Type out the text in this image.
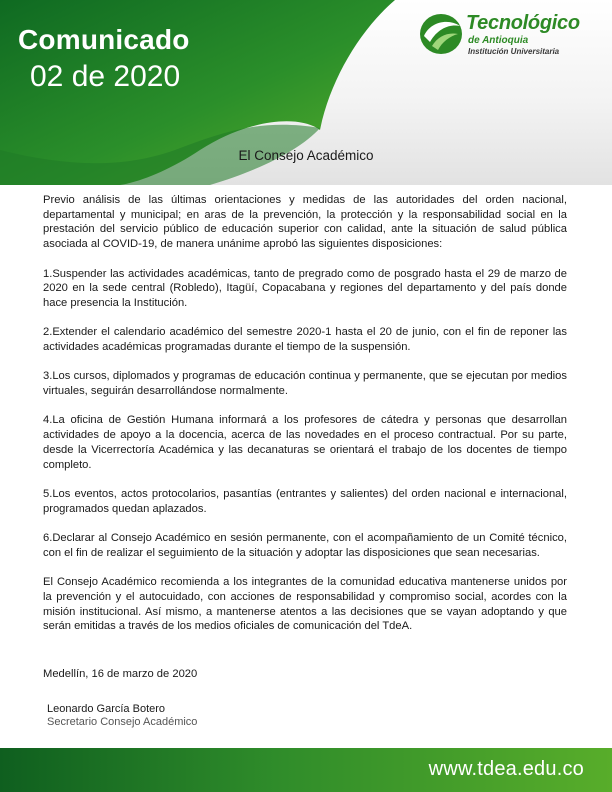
Comunicado
02 de 2020
Tecnológico
de Antioquia
Institución Universitaria
El Consejo Académico

Previo análisis de las últimas orientaciones y medidas de las autoridades del orden nacional, departamental y municipal; en aras de la prevención, la protección y la responsabilidad social en la prestación del servicio público de educación superior con calidad, ante la situación de salud pública asociada al COVID-19, de manera unánime aprobó las siguientes disposiciones:

1.Suspender las actividades académicas, tanto de pregrado como de posgrado hasta el 29 de marzo de 2020 en la sede central (Robledo), Itagüí, Copacabana y regiones del departamento y del país donde hace presencia la Institución.

2.Extender el calendario académico del semestre 2020-1 hasta el 20 de junio, con el fin de reponer las actividades académicas programadas durante el tiempo de la suspensión.

3.Los cursos, diplomados y programas de educación continua y permanente, que se ejecutan por medios virtuales, seguirán desarrollándose normalmente.

4.La oficina de Gestión Humana informará a los profesores de cátedra y personas que desarrollan actividades de apoyo a la docencia, acerca de las novedades en el proceso contractual. Por su parte, desde la Vicerrectoría Académica y las decanaturas se orientará el trabajo de los docentes de tiempo completo.

5.Los eventos, actos protocolarios, pasantías (entrantes y salientes) del orden nacional e internacional, programados quedan aplazados.

6.Declarar al Consejo Académico en sesión permanente, con el acompañamiento de un Comité técnico, con el fin de realizar el seguimiento de la situación y adoptar las disposiciones que sean necesarias.

El Consejo Académico recomienda a los integrantes de la comunidad educativa mantenerse unidos por la prevención y el autocuidado, con acciones de responsabilidad y compromiso social, acordes con la misión institucional. Así mismo, a mantenerse atentos a las decisiones que se vayan adoptando y que serán emitidas a través de los medios oficiales de comunicación del TdeA.

Medellín, 16 de marzo de 2020
Leonardo García Botero
Secretario Consejo Académico
www.tdea.edu.co
